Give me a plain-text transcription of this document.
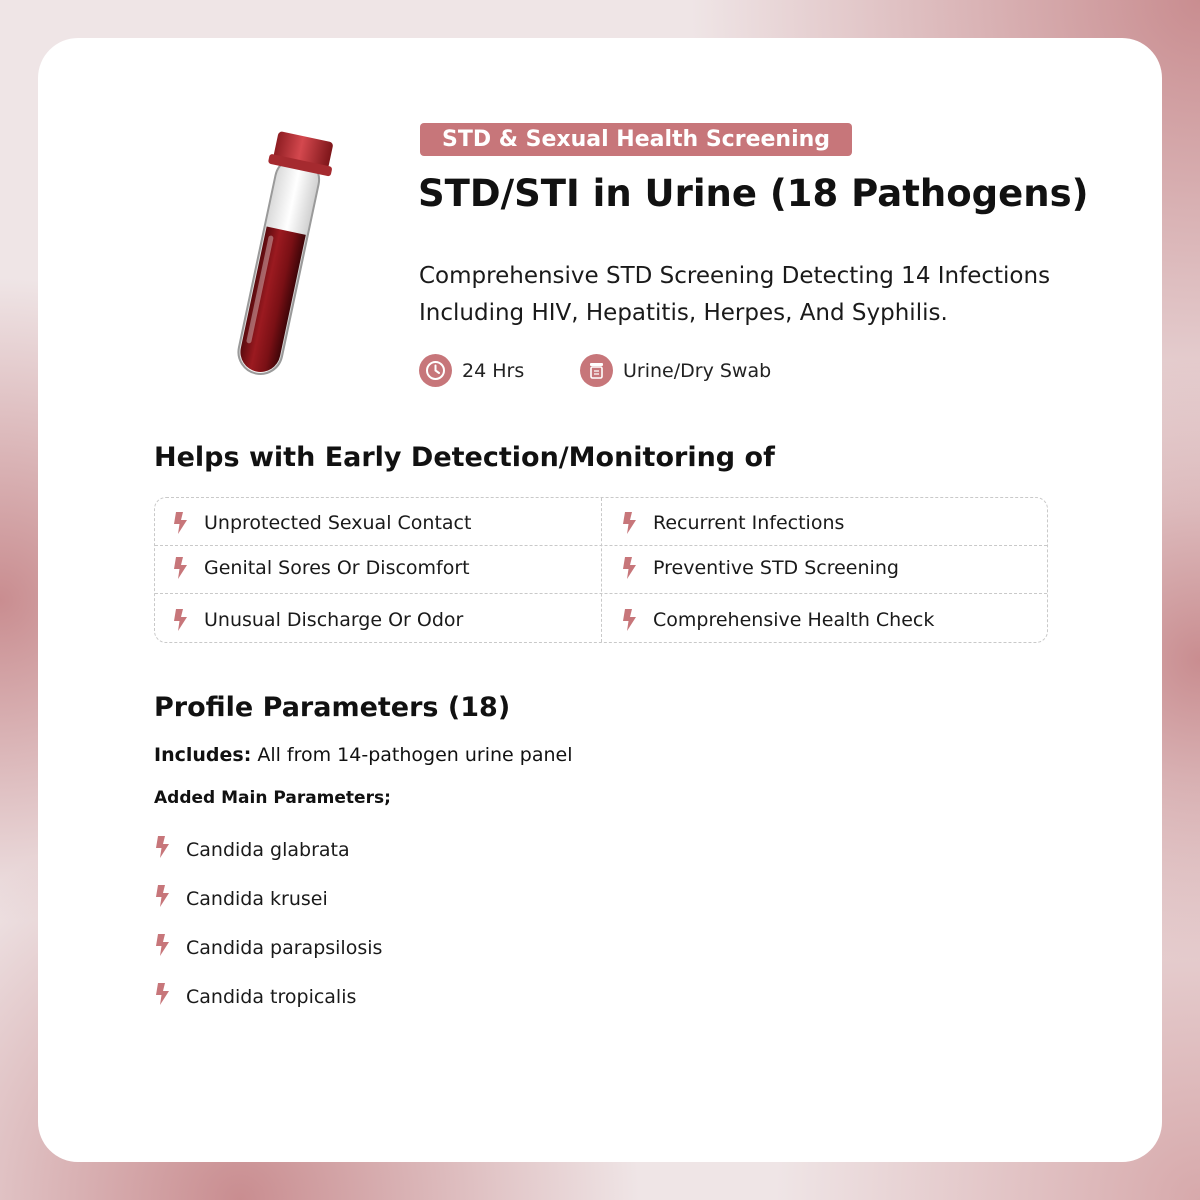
STD & Sexual Health Screening
STD/STI in Urine (18 Pathogens)

Comprehensive STD Screening Detecting 14 Infections Including HIV, Hepatitis, Herpes, And Syphilis.

24 Hrs	Urine/Dry Swab
Helps with Early Detection/Monitoring of
Unprotected Sexual Contact
Genital Sores Or Discomfort
Unusual Discharge Or Odor
Recurrent Infections
Preventive STD Screening
Comprehensive Health Check
Profile Parameters (18)
Includes: All from 14-pathogen urine panel
Added Main Parameters;
Candida glabrata
Candida krusei
Candida parapsilosis
Candida tropicalis
